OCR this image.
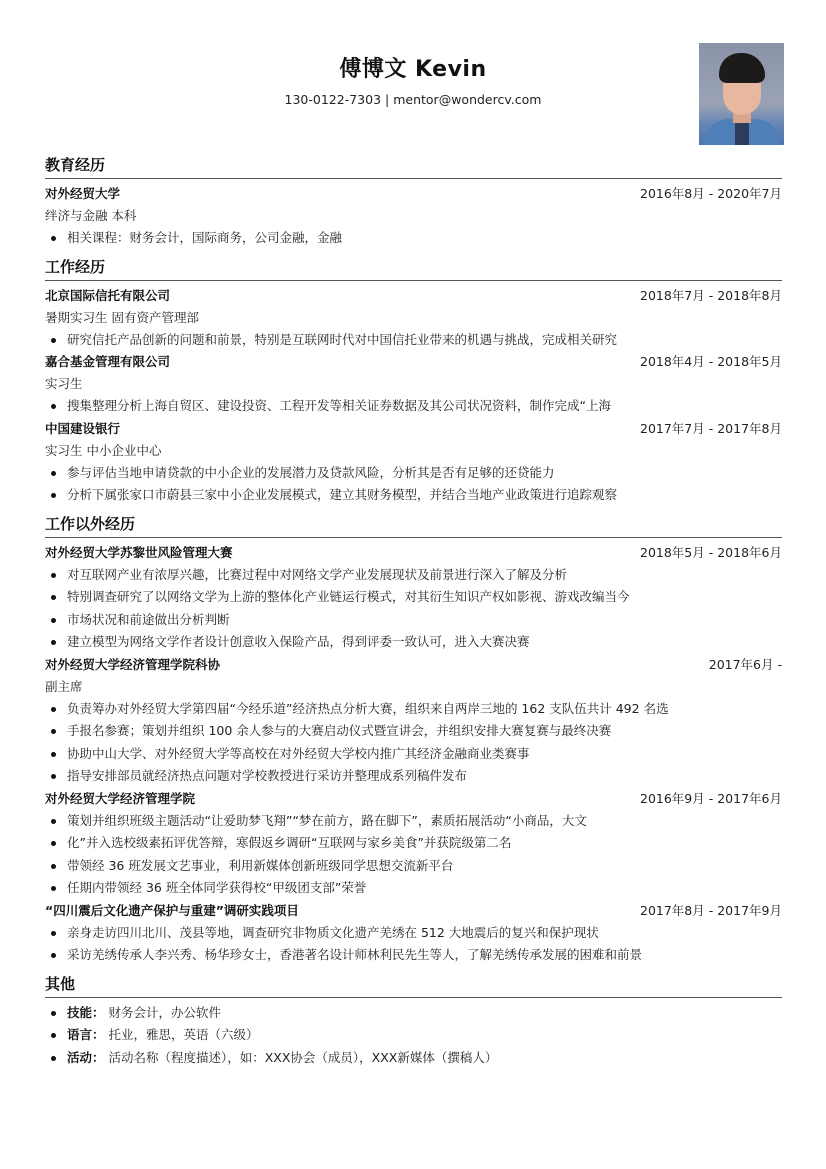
傅博文 Kevin
130-0122-7303 | mentor@wondercv.com
教育经历
对外经贸大学	2016年8月 - 2020年7月
绊济与金融 本科
相关课程：财务会计，国际商务，公司金融，金融
工作经历
北京国际信托有限公司	2018年7月 - 2018年8月
暑期实习生 固有资产管理部
研究信托产品创新的问题和前景，特别是互联网时代对中国信托业带来的机遇与挑战，完成相关研究
嘉合基金管理有限公司	2018年4月 - 2018年5月
实习生
搜集整理分析上海自贸区、建设投资、工程开发等相关证券数据及其公司状况资料，制作完成“上海
中国建设银行	2017年7月 - 2017年8月
实习生 中小企业中心
参与评估当地申请贷款的中小企业的发展潜力及贷款风险，分析其是否有足够的还贷能力
分析下属张家口市蔚县三家中小企业发展模式，建立其财务模型，并结合当地产业政策进行追踪观察
工作以外经历
对外经贸大学苏黎世风险管理大赛	2018年5月 - 2018年6月
对互联网产业有浓厚兴趣，比赛过程中对网络文学产业发展现状及前景进行深入了解及分析
特别调查研究了以网络文学为上游的整体化产业链运行模式，对其衍生知识产权如影视、游戏改编当今
市场状况和前途做出分析判断
建立模型为网络文学作者设计创意收入保险产品，得到评委一致认可，进入大赛决赛
对外经贸大学经济管理学院科协	2017年6月 -
副主席
负责筹办对外经贸大学第四届“今经乐道”经济热点分析大赛，组织来自两岸三地的 162 支队伍共计 492 名选
手报名参赛；策划并组织 100 余人参与的大赛启动仪式暨宣讲会，并组织安排大赛复赛与最终决赛
协助中山大学、对外经贸大学等高校在对外经贸大学校内推广其经济金融商业类赛事
指导安排部员就经济热点问题对学校教授进行采访并整理成系列稿件发布
对外经贸大学经济管理学院	2016年9月 - 2017年6月
策划并组织班级主题活动“让爱助梦飞翔”“梦在前方，路在脚下”，素质拓展活动“小商品，大文
化”并入选校级素拓评优答辩，寒假返乡调研“互联网与家乡美食”并获院级第二名
带领经 36 班发展文艺事业，利用新媒体创新班级同学思想交流新平台
任期内带领经 36 班全体同学获得校“甲级团支部”荣誉
“四川震后文化遗产保护与重建”调研实践项目	2017年8月 - 2017年9月
亲身走访四川北川、茂县等地，调查研究非物质文化遗产羌绣在 512 大地震后的复兴和保护现状
采访羌绣传承人李兴秀、杨华珍女士，香港著名设计师林利民先生等人，了解羌绣传承发展的困难和前景
其他
技能： 财务会计，办公软件
语言： 托业，雅思，英语（六级）
活动： 活动名称（程度描述），如：XXX协会（成员），XXX新媒体（撰稿人）
